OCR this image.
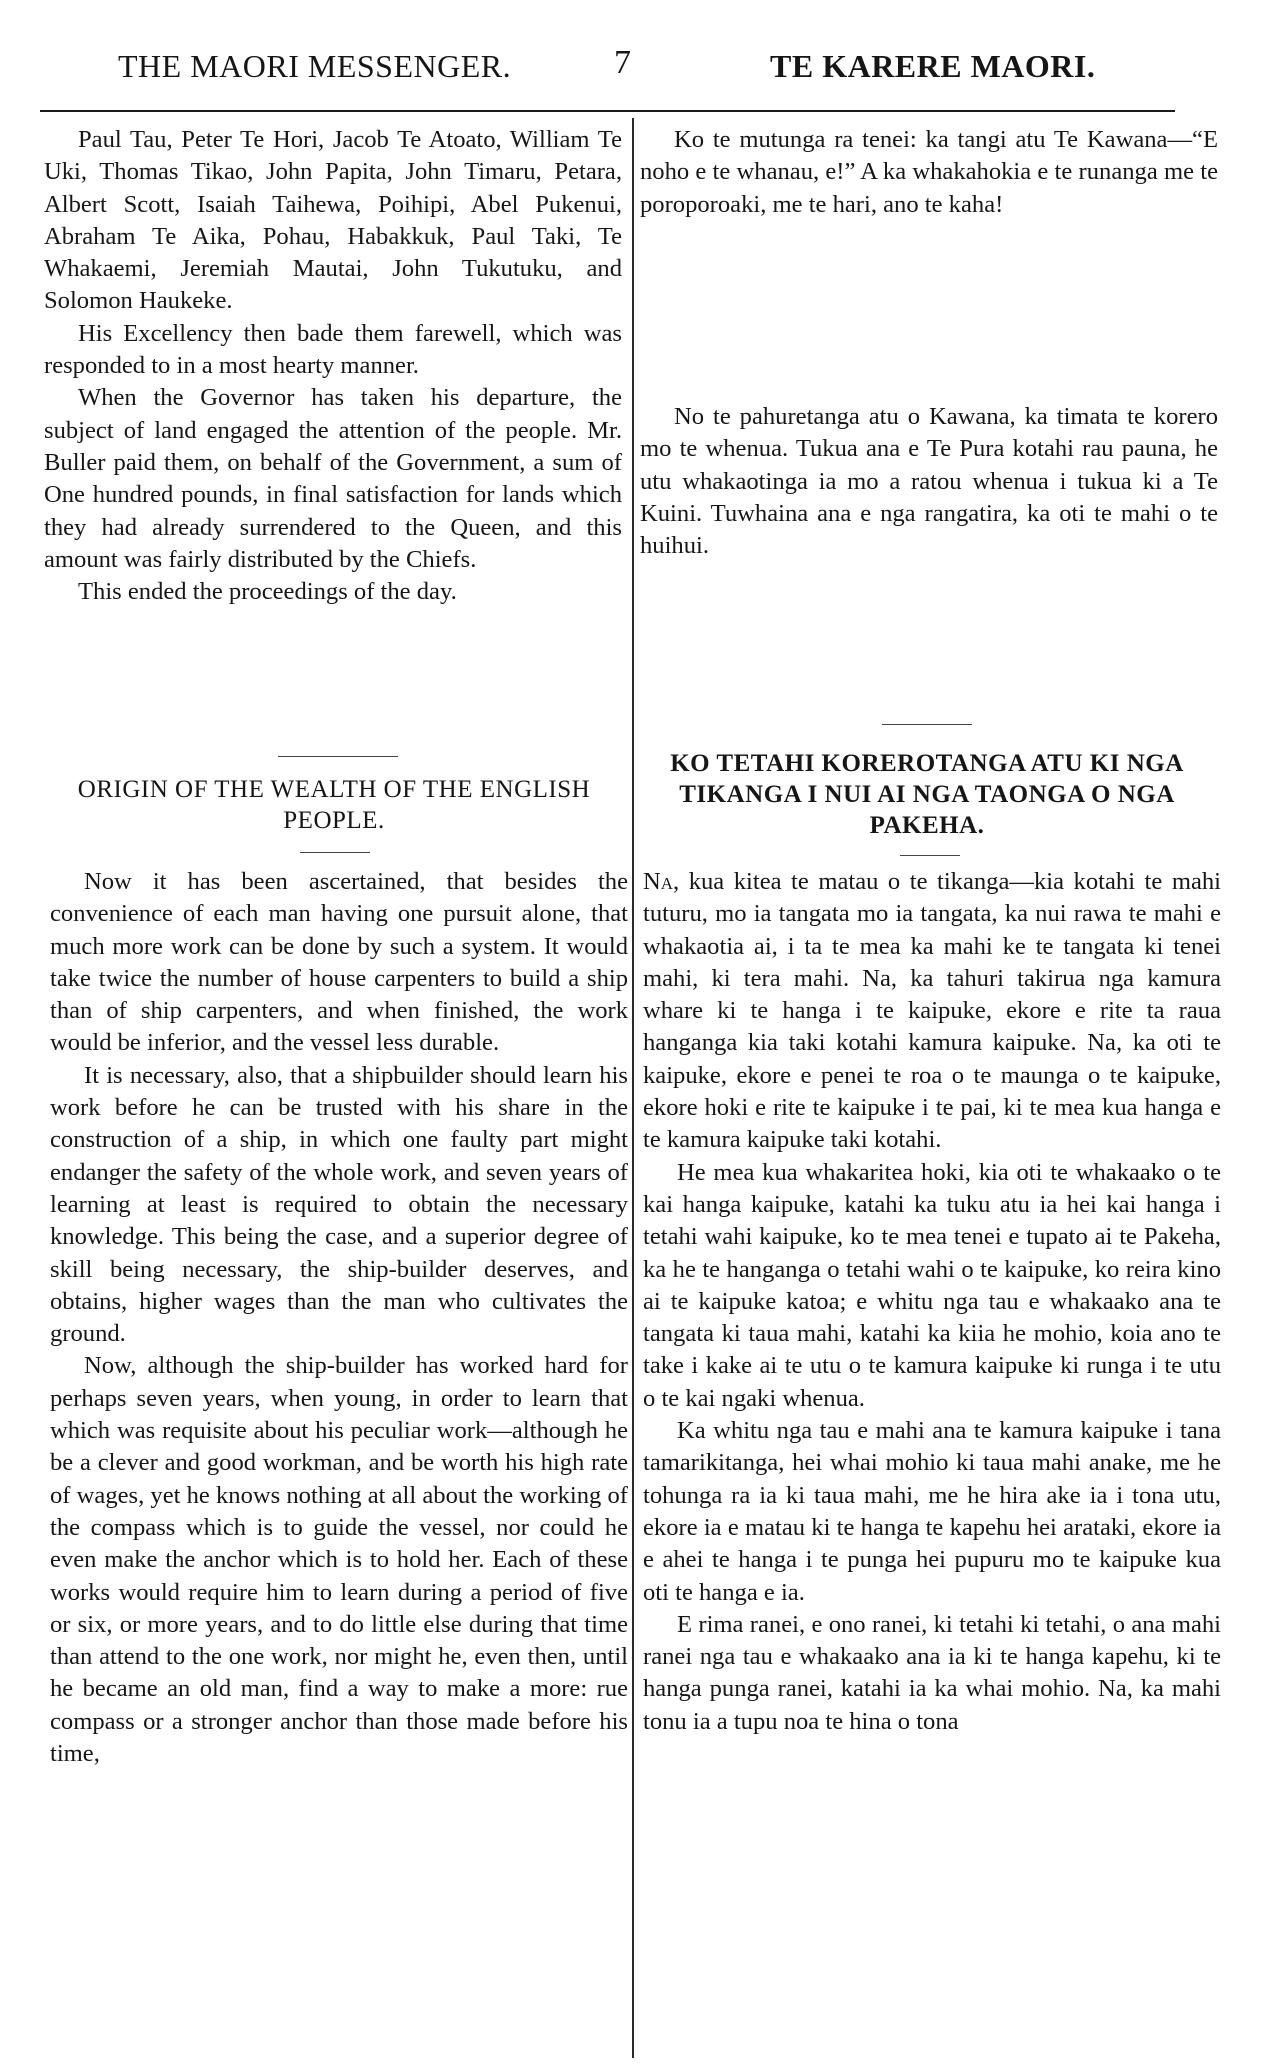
THE MAORI MESSENGER.	7	TE KARERE MAORI.

Paul Tau, Peter Te Hori, Jacob Te Atoato, William Te Uki, Thomas Tikao, John Papita, John Timaru, Petara, Albert Scott, Isaiah Taihewa, Poihipi, Abel Pukenui, Abraham Te Aika, Pohau, Habakkuk, Paul Taki, Te Whakaemi, Jeremiah Mautai, John Tukutuku, and Solomon Haukeke.

His Excellency then bade them farewell, which was responded to in a most hearty manner.

When the Governor has taken his departure, the subject of land engaged the attention of the people. Mr. Buller paid them, on behalf of the Government, a sum of One hundred pounds, in final satisfaction for lands which they had already surrendered to the Queen, and this amount was fairly distributed by the Chiefs.

This ended the proceedings of the day.

ORIGIN OF THE WEALTH OF THE ENGLISH PEOPLE.

Now it has been ascertained, that besides the convenience of each man having one pursuit alone, that much more work can be done by such a system. It would take twice the number of house carpenters to build a ship than of ship carpenters, and when finished, the work would be inferior, and the vessel less durable.

It is necessary, also, that a shipbuilder should learn his work before he can be trusted with his share in the construction of a ship, in which one faulty part might endanger the safety of the whole work, and seven years of learning at least is required to obtain the necessary knowledge. This being the case, and a superior degree of skill being necessary, the ship-builder deserves, and obtains, higher wages than the man who cultivates the ground.

Now, although the ship-builder has worked hard for perhaps seven years, when young, in order to learn that which was requisite about his peculiar work—although he be a clever and good workman, and be worth his high rate of wages, yet he knows nothing at all about the working of the compass which is to guide the vessel, nor could he even make the anchor which is to hold her. Each of these works would require him to learn during a period of five or six, or more years, and to do little else during that time than attend to the one work, nor might he, even then, until he became an old man, find a way to make a more: rue compass or a stronger anchor than those made before his time,

Ko te mutunga ra tenei: ka tangi atu Te Kawana—“E noho e te whanau, e!” A ka whakahokia e te runanga me te poroporoaki, me te hari, ano te kaha!

No te pahuretanga atu o Kawana, ka timata te korero mo te whenua. Tukua ana e Te Pura kotahi rau pauna, he utu whakaotinga ia mo a ratou whenua i tukua ki a Te Kuini. Tuwhaina ana e nga rangatira, ka oti te mahi o te huihui.

KO TETAHI KOREROTANGA ATU KI NGA TIKANGA I NUI AI NGA TAONGA O NGA PAKEHA.

Na, kua kitea te matau o te tikanga—kia kotahi te mahi tuturu, mo ia tangata mo ia tangata, ka nui rawa te mahi e whakaotia ai, i ta te mea ka mahi ke te tangata ki tenei mahi, ki tera mahi. Na, ka tahuri takirua nga kamura whare ki te hanga i te kaipuke, ekore e rite ta raua hanganga kia taki kotahi kamura kaipuke. Na, ka oti te kaipuke, ekore e penei te roa o te maunga o te kaipuke, ekore hoki e rite te kaipuke i te pai, ki te mea kua hanga e te kamura kaipuke taki kotahi.

He mea kua whakaritea hoki, kia oti te whakaako o te kai hanga kaipuke, katahi ka tuku atu ia hei kai hanga i tetahi wahi kaipuke, ko te mea tenei e tupato ai te Pakeha, ka he te hanganga o tetahi wahi o te kaipuke, ko reira kino ai te kaipuke katoa; e whitu nga tau e whakaako ana te tangata ki taua mahi, katahi ka kiia he mohio, koia ano te take i kake ai te utu o te kamura kaipuke ki runga i te utu o te kai ngaki whenua.

Ka whitu nga tau e mahi ana te kamura kaipuke i tana tamarikitanga, hei whai mohio ki taua mahi anake, me he tohunga ra ia ki taua mahi, me he hira ake ia i tona utu, ekore ia e matau ki te hanga te kapehu hei arataki, ekore ia e ahei te hanga i te punga hei pupuru mo te kaipuke kua oti te hanga e ia.

E rima ranei, e ono ranei, ki tetahi ki tetahi, o ana mahi ranei nga tau e whakaako ana ia ki te hanga kapehu, ki te hanga punga ranei, katahi ia ka whai mohio. Na, ka mahi tonu ia a tupu noa te hina o tona
